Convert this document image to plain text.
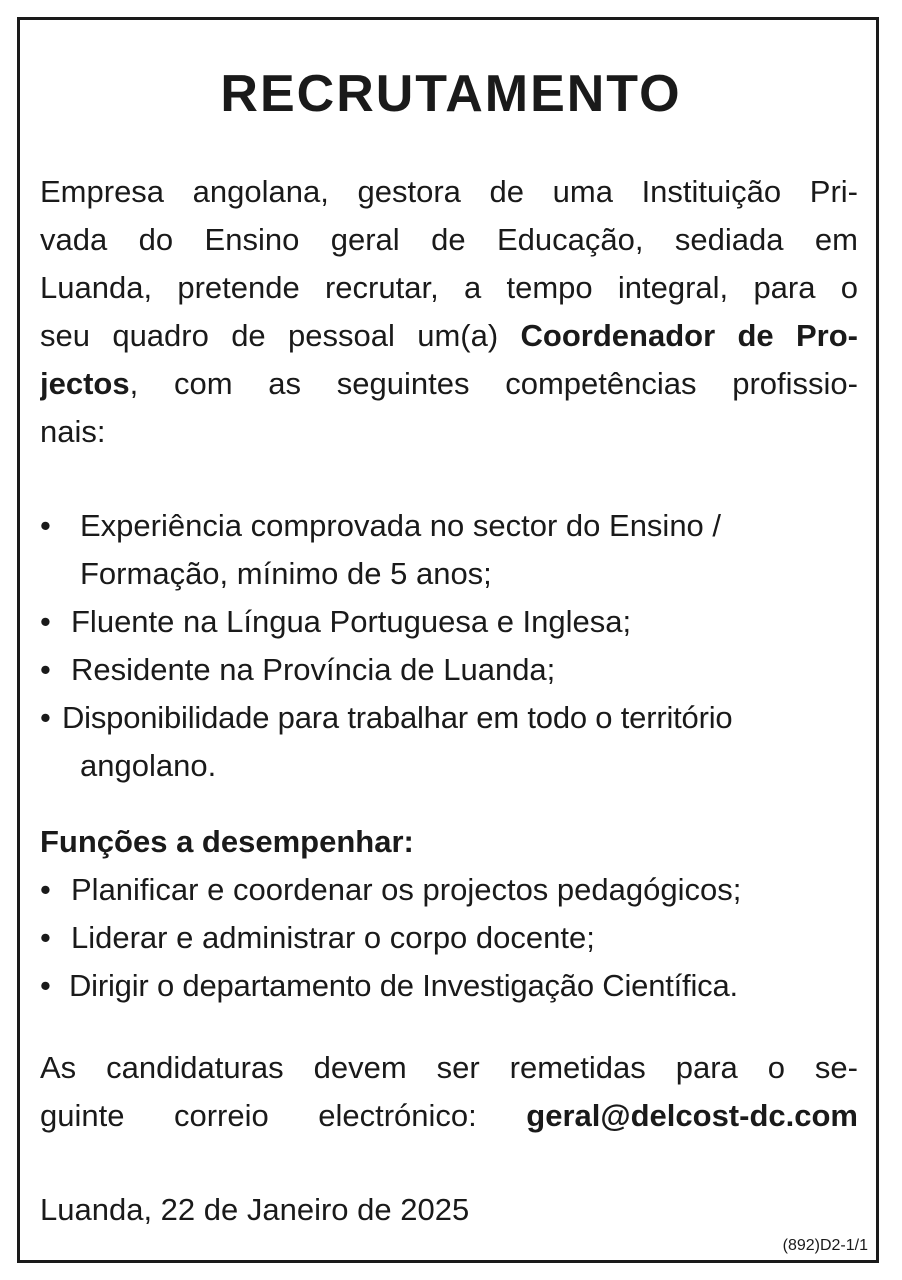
RECRUTAMENTO
Empresa angolana, gestora de uma Instituição Pri-
vada do Ensino geral de Educação, sediada em
Luanda, pretende recrutar, a tempo integral, para o
seu quadro de pessoal um(a) Coordenador de Pro-
jectos, com as seguintes competências profissio-
nais:
• Experiência comprovada no sector do Ensino /
Formação, mínimo de 5 anos;
• Fluente na Língua Portuguesa e Inglesa;
• Residente na Província de Luanda;
• Disponibilidade para trabalhar em todo o território
angolano.
Funções a desempenhar:
• Planificar e coordenar os projectos pedagógicos;
• Liderar e administrar o corpo docente;
• Dirigir o departamento de Investigação Científica.
As candidaturas devem ser remetidas para o se-
guinte correio electrónico: geral@delcost-dc.com
Luanda, 22 de Janeiro de 2025
(892)D2-1/1
